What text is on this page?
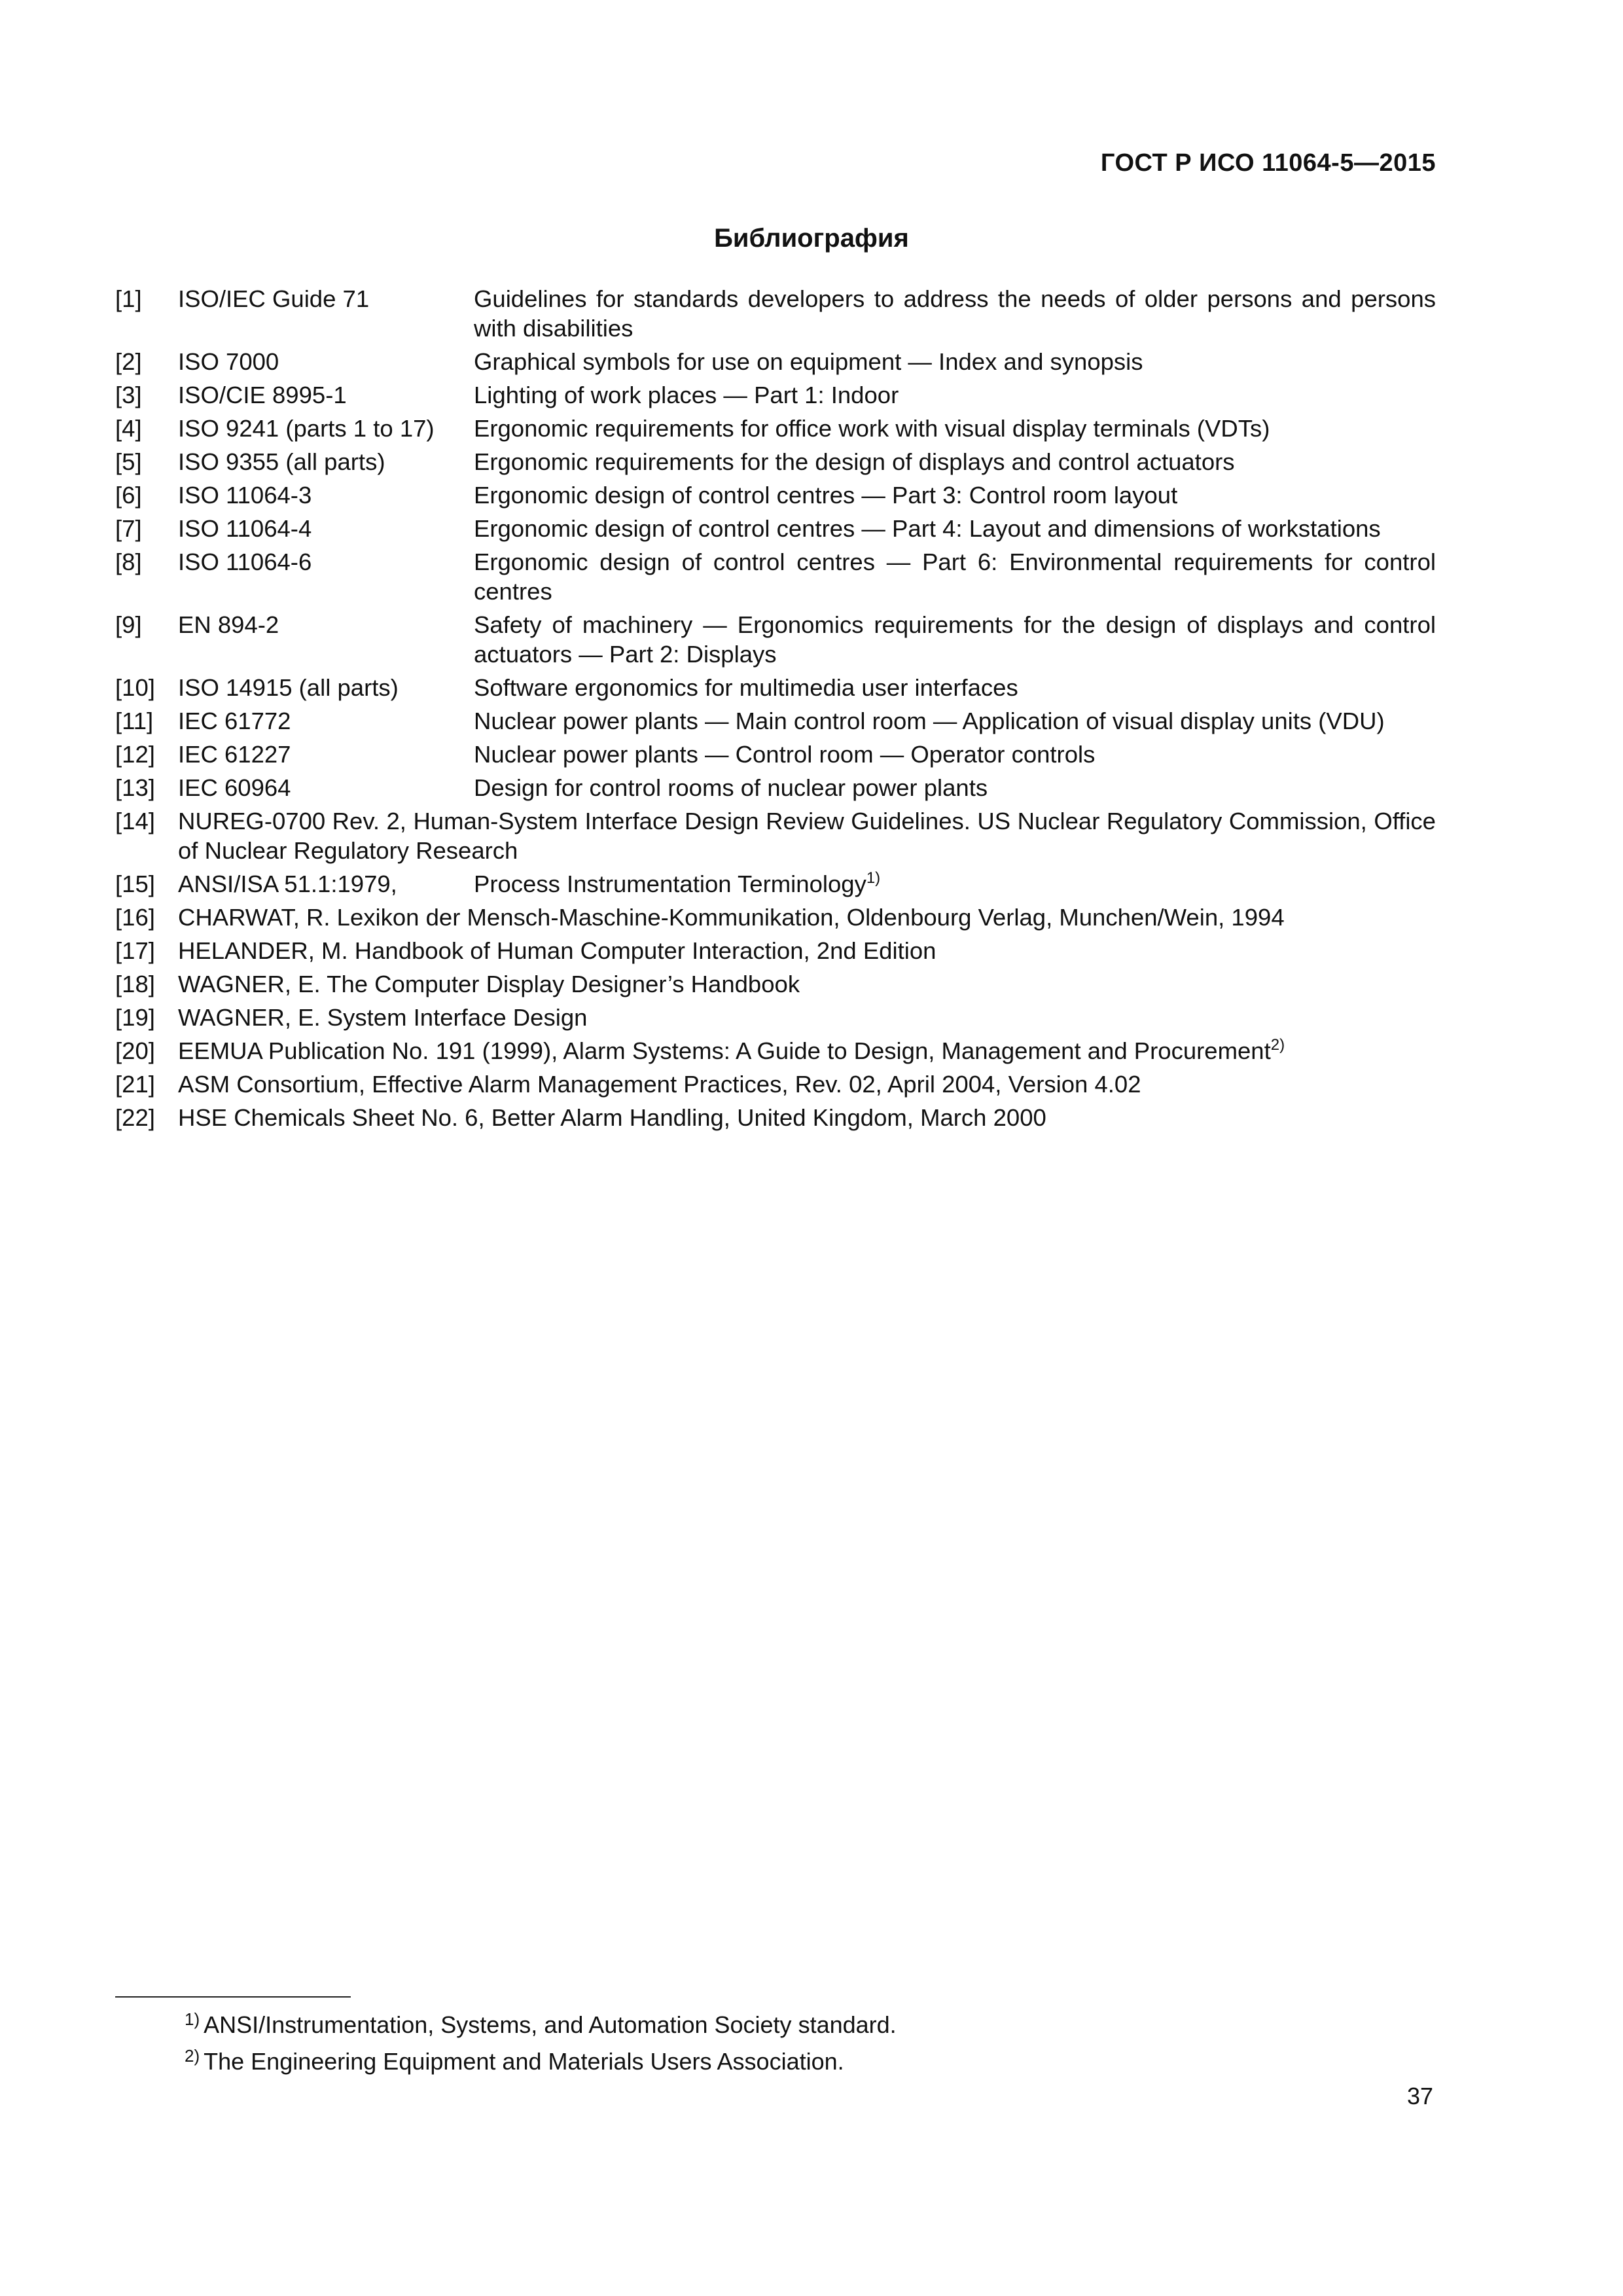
ГОСТ Р ИСО 11064-5—2015
Библиография
[1]	ISO/IEC Guide 71	Guidelines for standards developers to address the needs of older persons and persons with disabilities
[2]	ISO 7000	Graphical symbols for use on equipment — Index and synopsis
[3]	ISO/CIE 8995-1	Lighting of work places — Part 1: Indoor
[4]	ISO 9241 (parts 1 to 17)	Ergonomic requirements for office work with visual display terminals (VDTs)
[5]	ISO 9355 (all parts)	Ergonomic requirements for the design of displays and control actuators
[6]	ISO 11064-3	Ergonomic design of control centres — Part 3: Control room layout
[7]	ISO 11064-4	Ergonomic design of control centres — Part 4: Layout and dimensions of workstations
[8]	ISO 11064-6	Ergonomic design of control centres — Part 6: Environmental requirements for control centres
[9]	EN 894-2	Safety of machinery — Ergonomics requirements for the design of displays and control actuators — Part 2: Displays
[10] ISO 14915 (all parts)	Software ergonomics for multimedia user interfaces
[11]	IEC 61772	Nuclear power plants — Main control room — Application of visual display units (VDU)
[12] IEC 61227	Nuclear power plants — Control room — Operator controls
[13] IEC 60964	Design for control rooms of nuclear power plants
[14] NUREG-0700 Rev. 2, Human-System Interface Design Review Guidelines. US Nuclear Regulatory Commission, Office of Nuclear Regulatory Research
[15] ANSI/ISA 51.1:1979,	Process Instrumentation Terminology$^{1)}$
[16] CHARWAT, R. Lexikon der Mensch-Maschine-Kommunikation, Oldenbourg Verlag, Munchen/Wein, 1994
[17] HELANDER, M. Handbook of Human Computer Interaction, 2nd Edition
[18] WAGNER, E. The Computer Display Designer’s Handbook
[19] WAGNER, E. System Interface Design
[20] EEMUA Publication No. 191 (1999), Alarm Systems: A Guide to Design, Management and Procurement$^{2)}$
[21] ASM Consortium, Effective Alarm Management Practices, Rev. 02, April 2004, Version 4.02
[22] HSE Chemicals Sheet No. 6, Better Alarm Handling, United Kingdom, March 2000
$^{1)}$ ANSI/Instrumentation, Systems, and Automation Society standard.
$^{2)}$ The Engineering Equipment and Materials Users Association.
37
